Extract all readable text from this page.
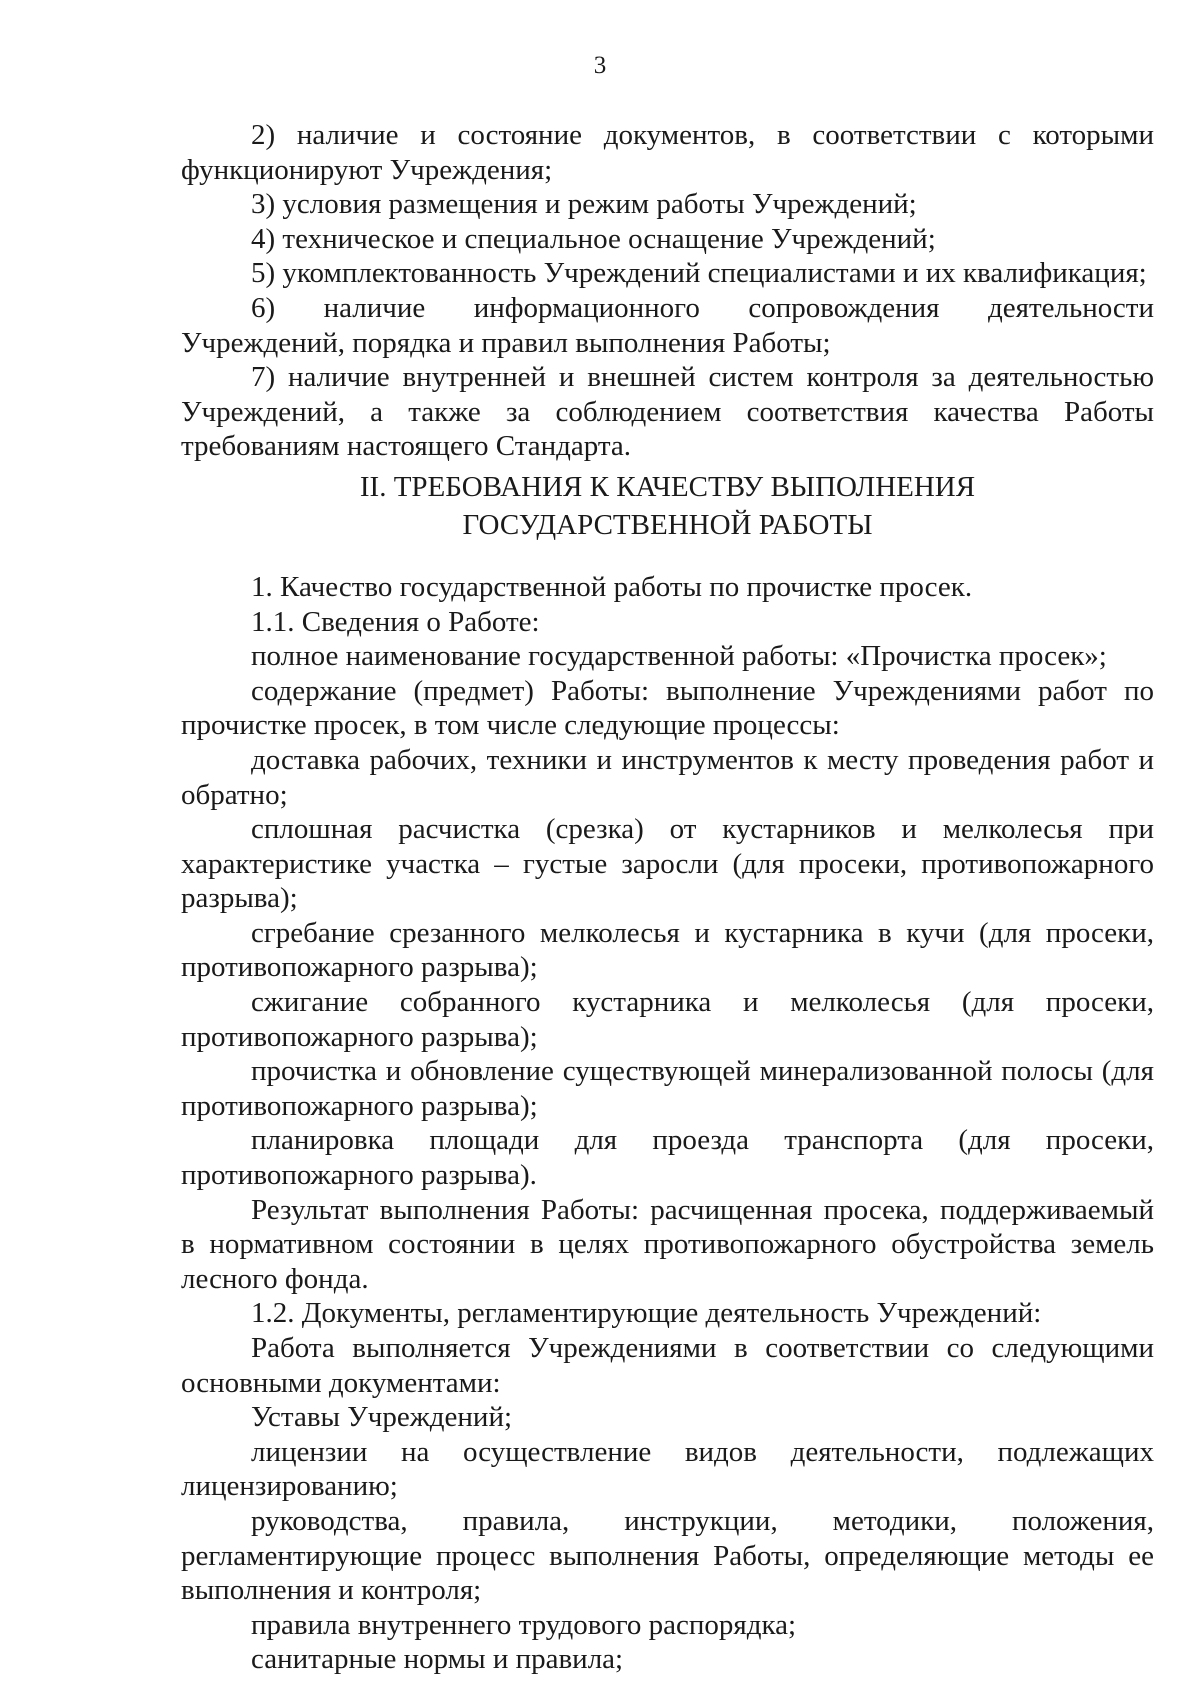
3

2) наличие и состояние документов, в соответствии с которыми функционируют Учреждения;

3) условия размещения и режим работы Учреждений;

4) техническое и специальное оснащение Учреждений;

5) укомплектованность Учреждений специалистами и их квалификация;

6) наличие информационного сопровождения деятельности Учреждений, порядка и правил выполнения Работы;

7) наличие внутренней и внешней систем контроля за деятельностью Учреждений, а также за соблюдением соответствия качества Работы требованиям настоящего Стандарта.

II. ТРЕБОВАНИЯ К КАЧЕСТВУ ВЫПОЛНЕНИЯ
ГОСУДАРСТВЕННОЙ РАБОТЫ

1. Качество государственной работы по прочистке просек.

1.1. Сведения о Работе:

полное наименование государственной работы: «Прочистка просек»;

содержание (предмет) Работы: выполнение Учреждениями работ по прочистке просек, в том числе следующие процессы:

доставка рабочих, техники и инструментов к месту проведения работ и обратно;

сплошная расчистка (срезка) от кустарников и мелколесья при характеристике участка – густые заросли (для просеки, противопожарного разрыва);

сгребание срезанного мелколесья и кустарника в кучи (для просеки, противопожарного разрыва);

сжигание собранного кустарника и мелколесья (для просеки, противопожарного разрыва);

прочистка и обновление существующей минерализованной полосы (для противопожарного разрыва);

планировка площади для проезда транспорта (для просеки, противопожарного разрыва).

Результат выполнения Работы: расчищенная просека, поддерживаемый в нормативном состоянии в целях противопожарного обустройства земель лесного фонда.

1.2. Документы, регламентирующие деятельность Учреждений:

Работа выполняется Учреждениями в соответствии со следующими основными документами:

Уставы Учреждений;

лицензии на осуществление видов деятельности, подлежащих лицензированию;

руководства, правила, инструкции, методики, положения, регламентирующие процесс выполнения Работы, определяющие методы ее выполнения и контроля;

правила внутреннего трудового распорядка;

санитарные нормы и правила;
